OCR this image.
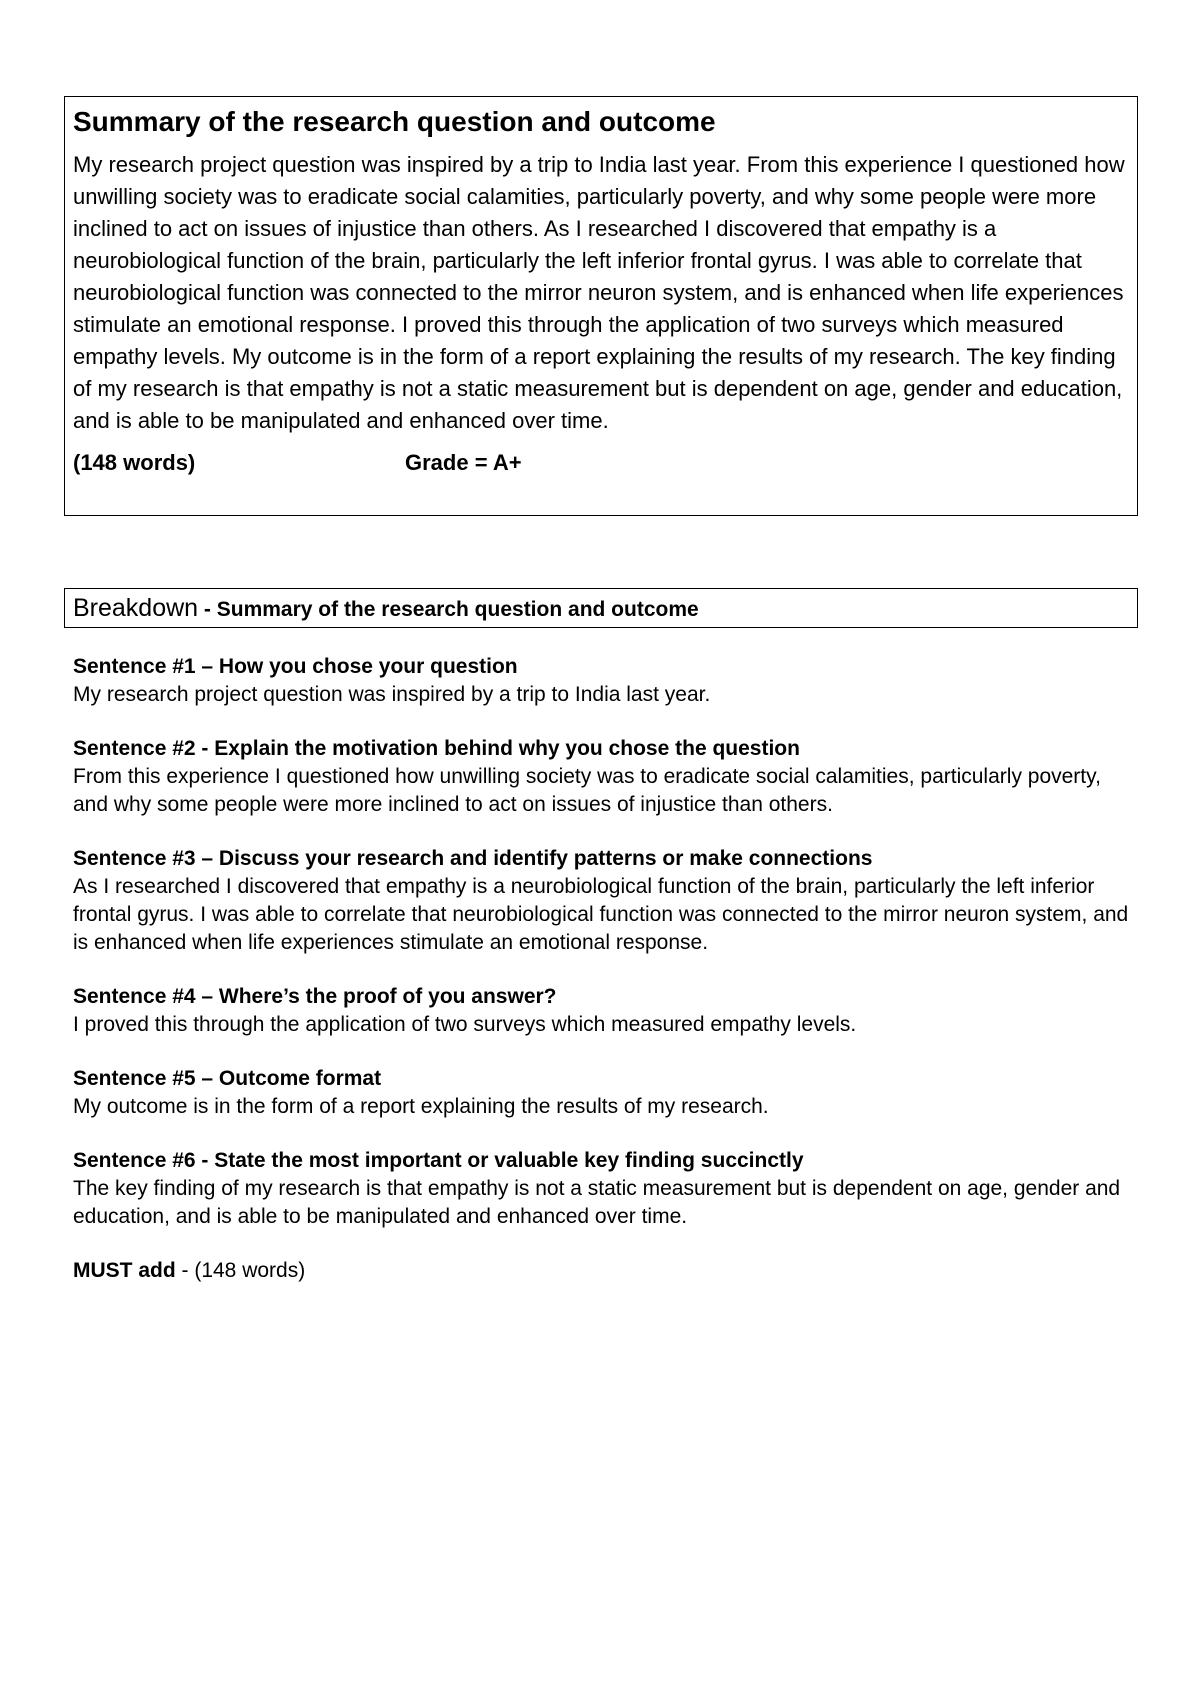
Summary of the research question and outcome

My research project question was inspired by a trip to India last year. From this experience I questioned how unwilling society was to eradicate social calamities, particularly poverty, and why some people were more inclined to act on issues of injustice than others. As I researched I discovered that empathy is a neurobiological function of the brain, particularly the left inferior frontal gyrus. I was able to correlate that neurobiological function was connected to the mirror neuron system, and is enhanced when life experiences stimulate an emotional response. I proved this through the application of two surveys which measured empathy levels. My outcome is in the form of a report explaining the results of my research. The key finding of my research is that empathy is not a static measurement but is dependent on age, gender and education, and is able to be manipulated and enhanced over time.

(148 words)	Grade = A+
Breakdown - Summary of the research question and outcome
Sentence #1 – How you chose your question
My research project question was inspired by a trip to India last year.
Sentence #2 - Explain the motivation behind why you chose the question
From this experience I questioned how unwilling society was to eradicate social calamities, particularly poverty, and why some people were more inclined to act on issues of injustice than others.
Sentence #3 – Discuss your research and identify patterns or make connections
As I researched I discovered that empathy is a neurobiological function of the brain, particularly the left inferior frontal gyrus. I was able to correlate that neurobiological function was connected to the mirror neuron system, and is enhanced when life experiences stimulate an emotional response.
Sentence #4 – Where’s the proof of you answer?
I proved this through the application of two surveys which measured empathy levels.
Sentence #5 – Outcome format
My outcome is in the form of a report explaining the results of my research.
Sentence #6 - State the most important or valuable key finding succinctly
The key finding of my research is that empathy is not a static measurement but is dependent on age, gender and education, and is able to be manipulated and enhanced over time.
MUST add - (148 words)
